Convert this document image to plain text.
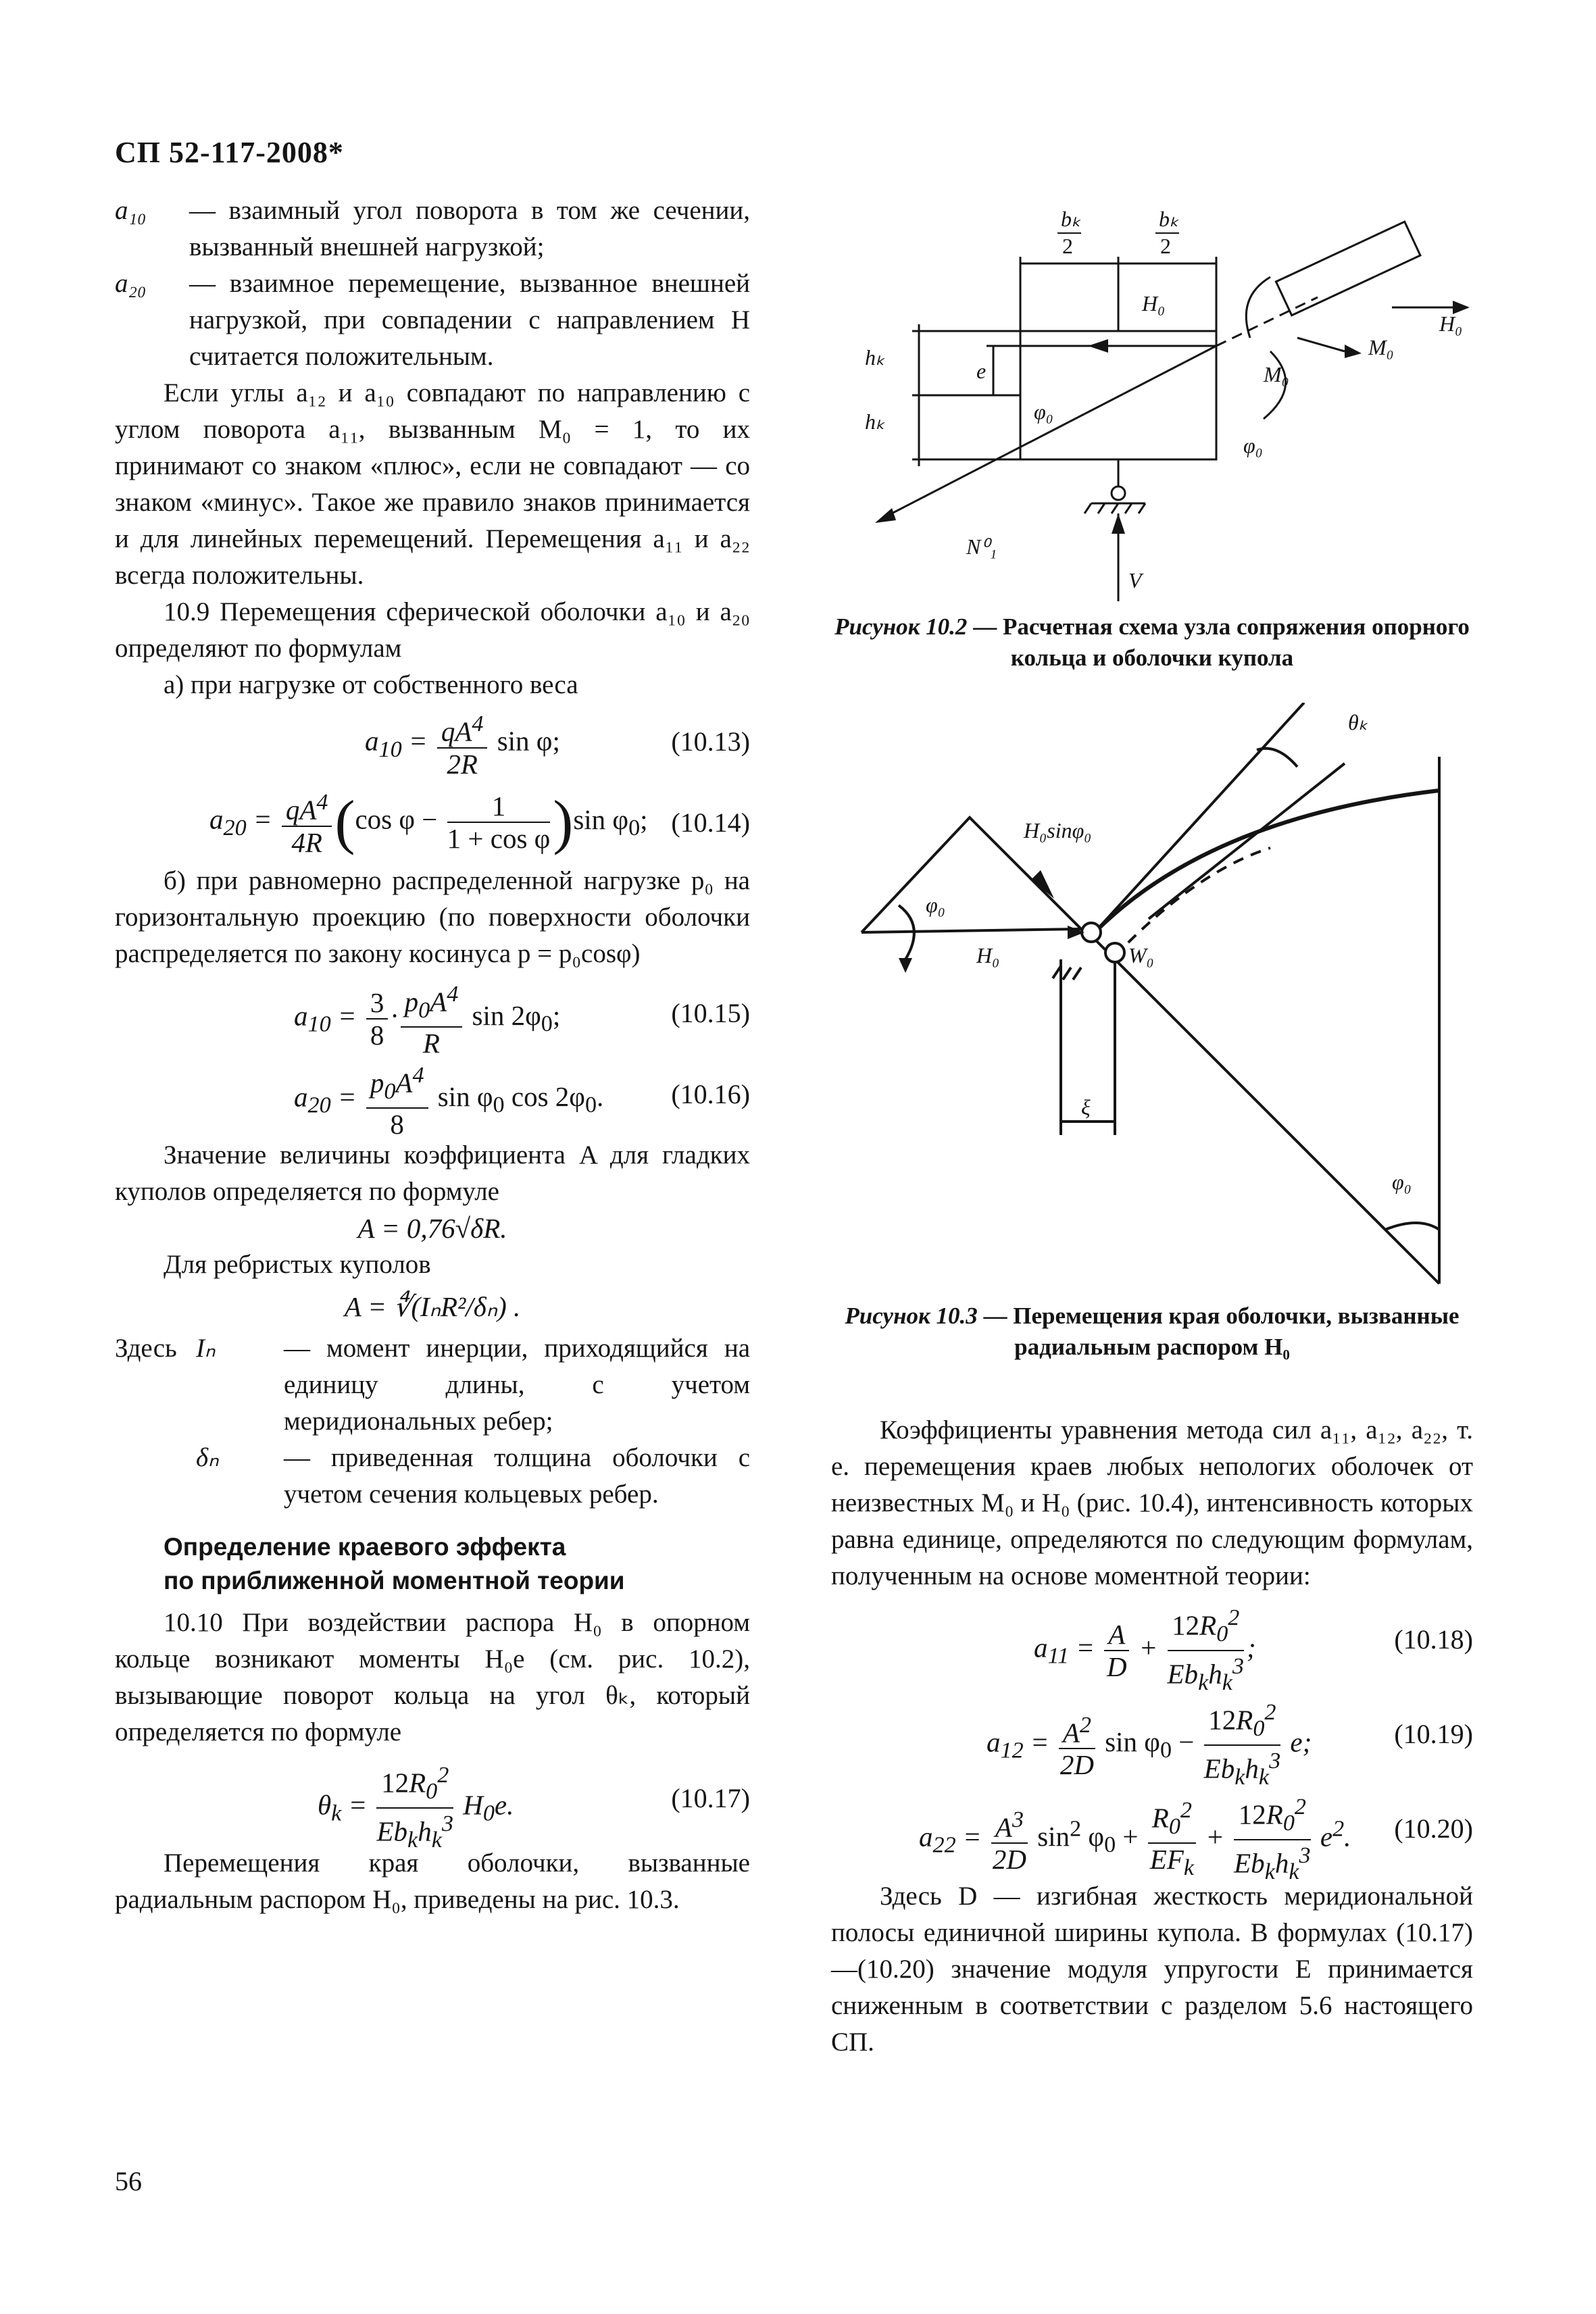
СП 52-117-2008*
a₁₀	— взаимный угол поворота в том же сечении, вызванный внешней нагрузкой;
a₂₀	— взаимное перемещение, вызванное внешней нагрузкой, при совпадении с направлением H считается положительным.

Если углы a₁₂ и a₁₀ совпадают по направлению с углом поворота a₁₁, вызванным M₀ = 1, то их принимают со знаком «плюс», если не совпадают — со знаком «минус». Такое же правило знаков принимается и для линейных перемещений. Перемещения a₁₁ и a₂₂ всегда положительны.

10.9 Перемещения сферической оболочки a₁₀ и a₂₀ определяют по формулам

а) при нагрузке от собственного веса

$a_{10} = \frac{qA^4}{2R}$ sin φ;	(10.13)
$a_{20} = \frac{qA^4}{4R} (\cos$ $\varphi - \frac{1}{\text{1 + cos φ}} )\sin$ $\varphi_0$; (10.14)

б) при равномерно распределенной нагрузке p₀ на горизонтальную проекцию (по поверхности оболочки распределяется по закону косинуса p = p₀cosφ)

$a_{10} = \frac{3}{8} \cdot \frac{p_0A^4}{R}$ $\sin 2\varphi_0$;	(10.15)
$a_{20} = \frac{p_0A^4}{8}$ $\sin \varphi_0$ $\cos 2\varphi_0$.	(10.16)

Значение величины коэффициента A для гладких куполов определяется по формуле

A = 0,76√δR.

Для ребристых куполов

A = ∜(IₙR²/δₙ) .

Здесь Iₙ	— момент инерции, приходящийся на единицу длины, с учетом меридиональных ребер;
δₙ	— приведенная толщина оболочки с учетом сечения кольцевых ребер.
Определение краевого эффекта
по приближенной моментной теории

10.10 При воздействии распора H₀ в опорном кольце возникают моменты H₀e (см. рис. 10.2), вызывающие поворот кольца на угол θₖ, который определяется по формуле

$\theta_k = \frac{12R_0^2}{Eb_kh_k^3} H_0e$.	(10.17)

Перемещения края оболочки, вызванные радиальным распором H₀, приведены на рис. 10.3.

bₖ
2
bₖ
2
hₖ
hₖ
e
H₀
M₀
M₀
H₀
φ₀
φ₀
N⁰₁
V
Рисунок 10.2 — Расчетная схема узла сопряжения опорного кольца и оболочки купола
θₖ
H₀sinφ₀
φ₀
H₀	W₀
ξ
φ₀
Рисунок 10.3 — Перемещения края оболочки, вызванные радиальным распором H₀

Коэффициенты уравнения метода сил a₁₁, a₁₂, a₂₂, т. е. перемещения краев любых непологих оболочек от неизвестных M₀ и H₀ (рис. 10.4), интенсивность которых равна единице, определяются по следующим формулам, полученным на основе моментной теории:

$a_{11} = \frac{A}{D} + \frac{12R_0^2}{Eb_kh_k^3}$ ;	(10.18)
$a_{12} = \frac{A^2}{2D}$ $\sin \varphi_0 - \frac{12R_0^2}{Eb_kh_k^3} e$;	(10.19)
$a_{22} = \frac{A^3}{2D} \sin^2 \varphi_0 + \frac{R_0^2}{EF_k} + \frac{12R_0^2}{Eb_kh_k^3} e^2$. (10.20)

Здесь D — изгибная жесткость меридиональной полосы единичной ширины купола. В формулах (10.17)—(10.20) значение модуля упругости E принимается сниженным в соответствии с разделом 5.6 настоящего СП.

56
